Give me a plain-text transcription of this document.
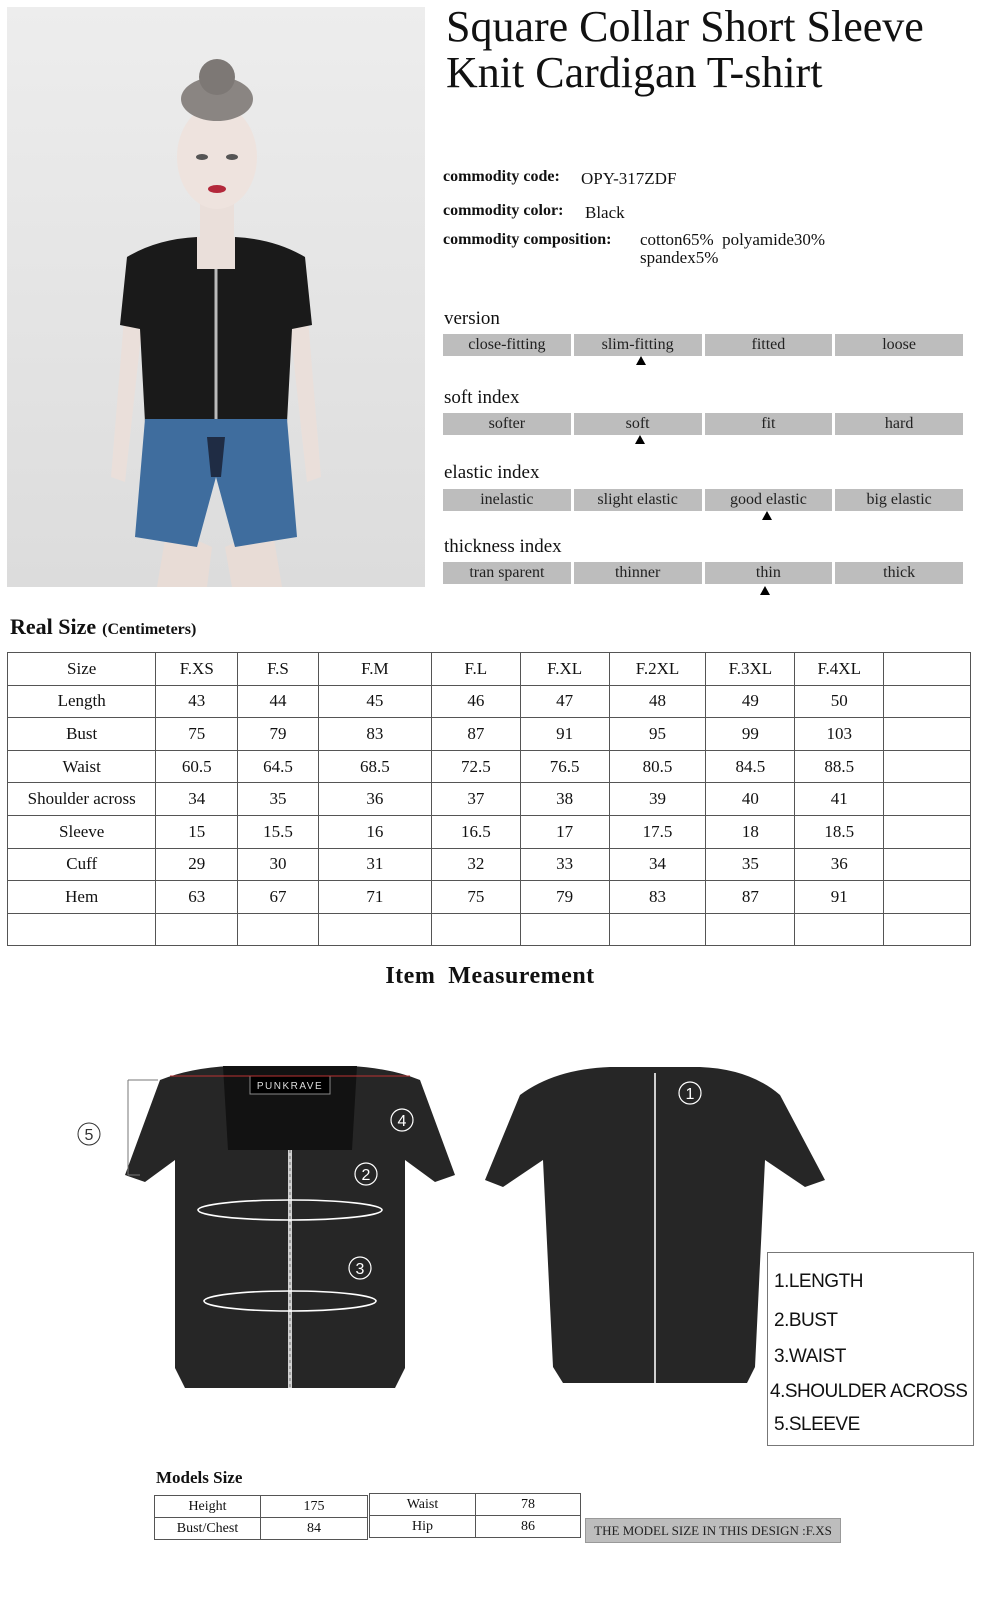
Square Collar Short Sleeve Knit Cardigan T-shirt
commodity code: OPY-317ZDF
commodity color: Black
commodity composition: cotton65%  polyamide30%
spandex5%
version
close-fitting	slim-fitting	fitted	loose
soft index
softer	soft	fit	hard
elastic index
inelastic	slight elastic	good elastic	big elastic
thickness index
tran sparent	thinner	thin	thick
Real Size (Centimeters)
Size	F.XS	F.S	F.M	F.L	F.XL	F.2XL	F.3XL	F.4XL	
Length	43	44	45	46	47	48	49	50	
Bust	75	79	83	87	91	95	99	103	
Waist	60.5	64.5	68.5	72.5	76.5	80.5	84.5	88.5	
Shoulder across	34	35	36	37	38	39	40	41	
Sleeve	15	15.5	16	16.5	17	17.5	18	18.5	
Cuff	29	30	31	32	33	34	35	36	
Hem	63	67	71	75	79	83	87	91	

Item  Measurement
PUNKRAVE
5
4
2
3
1
1.LENGTH
2.BUST
3.WAIST
4.SHOULDER ACROSS
5.SLEEVE
Models Size
Height	175
Bust/Chest	84
Waist	78
Hip	86	THE MODEL SIZE IN THIS DESIGN :F.XS
